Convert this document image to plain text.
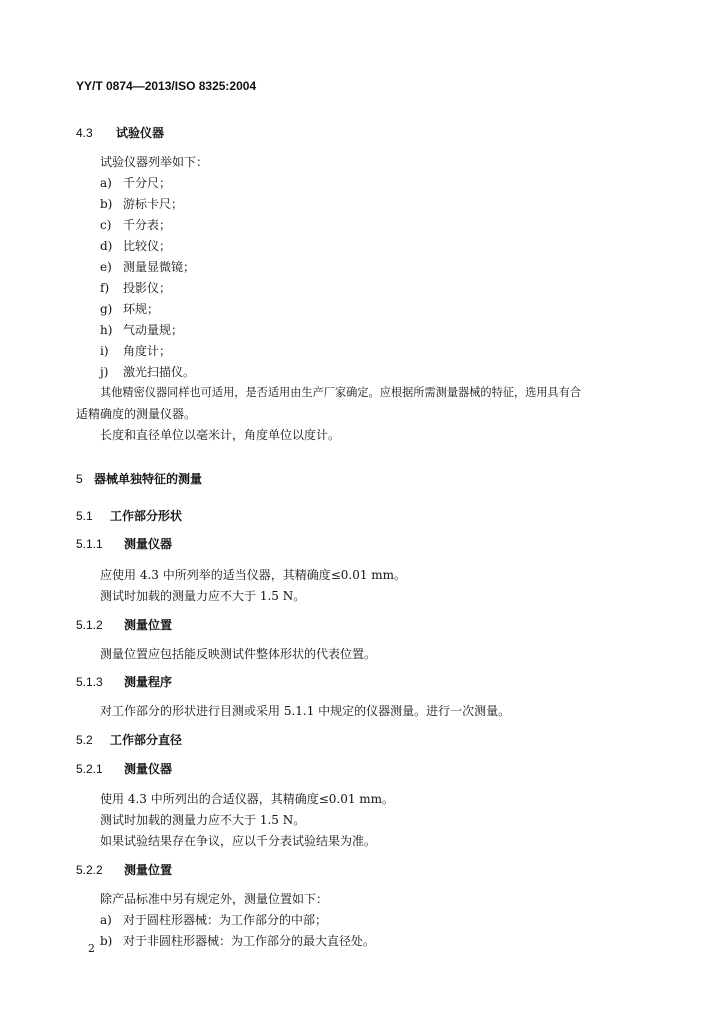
YY/T 0874—2013/ISO 8325:2004
4.3 试验仪器
试验仪器列举如下：
a) 千分尺；
b) 游标卡尺；
c) 千分表；
d) 比较仪；
e) 测量显微镜；
f) 投影仪；
g) 环规；
h) 气动量规；
i) 角度计；
j) 激光扫描仪。
其他精密仪器同样也可适用，是否适用由生产厂家确定。应根据所需测量器械的特征，选用具有合
适精确度的测量仪器。
长度和直径单位以毫米计，角度单位以度计。
5 器械单独特征的测量
5.1 工作部分形状
5.1.1 测量仪器
应使用 4.3 中所列举的适当仪器，其精确度≤0.01 mm。
测试时加载的测量力应不大于 1.5 N。
5.1.2 测量位置
测量位置应包括能反映测试件整体形状的代表位置。
5.1.3 测量程序
对工作部分的形状进行目测或采用 5.1.1 中规定的仪器测量。进行一次测量。
5.2 工作部分直径
5.2.1 测量仪器
使用 4.3 中所列出的合适仪器，其精确度≤0.01 mm。
测试时加载的测量力应不大于 1.5 N。
如果试验结果存在争议，应以千分表试验结果为准。
5.2.2 测量位置
除产品标准中另有规定外，测量位置如下：
a) 对于圆柱形器械：为工作部分的中部；
b) 对于非圆柱形器械：为工作部分的最大直径处。
2
